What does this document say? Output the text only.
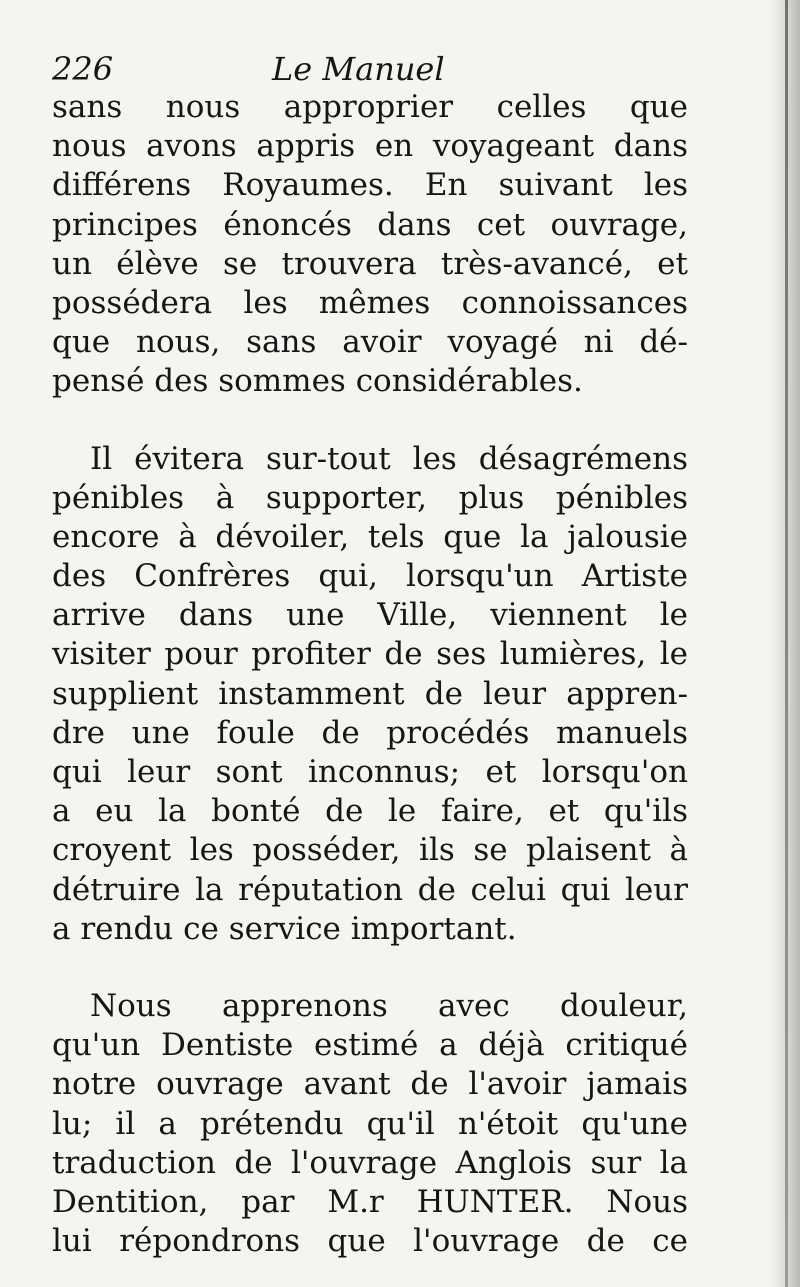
226	Le Manuel
sans nous approprier celles que
nous avons appris en voyageant dans
différens Royaumes. En suivant les
principes énoncés dans cet ouvrage,
un élève se trouvera très-avancé, et
possédera les mêmes connoissances
que nous, sans avoir voyagé ni dé-
pensé des sommes considérables.
Il évitera sur-tout les désagrémens
pénibles à supporter, plus pénibles
encore à dévoiler, tels que la jalousie
des Confrères qui, lorsqu'un Artiste
arrive dans une Ville, viennent le
visiter pour profiter de ses lumières, le
supplient instamment de leur appren-
dre une foule de procédés manuels
qui leur sont inconnus; et lorsqu'on
a eu la bonté de le faire, et qu'ils
croyent les posséder, ils se plaisent à
détruire la réputation de celui qui leur
a rendu ce service important.
Nous apprenons avec douleur,
qu'un Dentiste estimé a déjà critiqué
notre ouvrage avant de l'avoir jamais
lu; il a prétendu qu'il n'étoit qu'une
traduction de l'ouvrage Anglois sur la
Dentition, par M.r HUNTER. Nous
lui répondrons que l'ouvrage de ce
